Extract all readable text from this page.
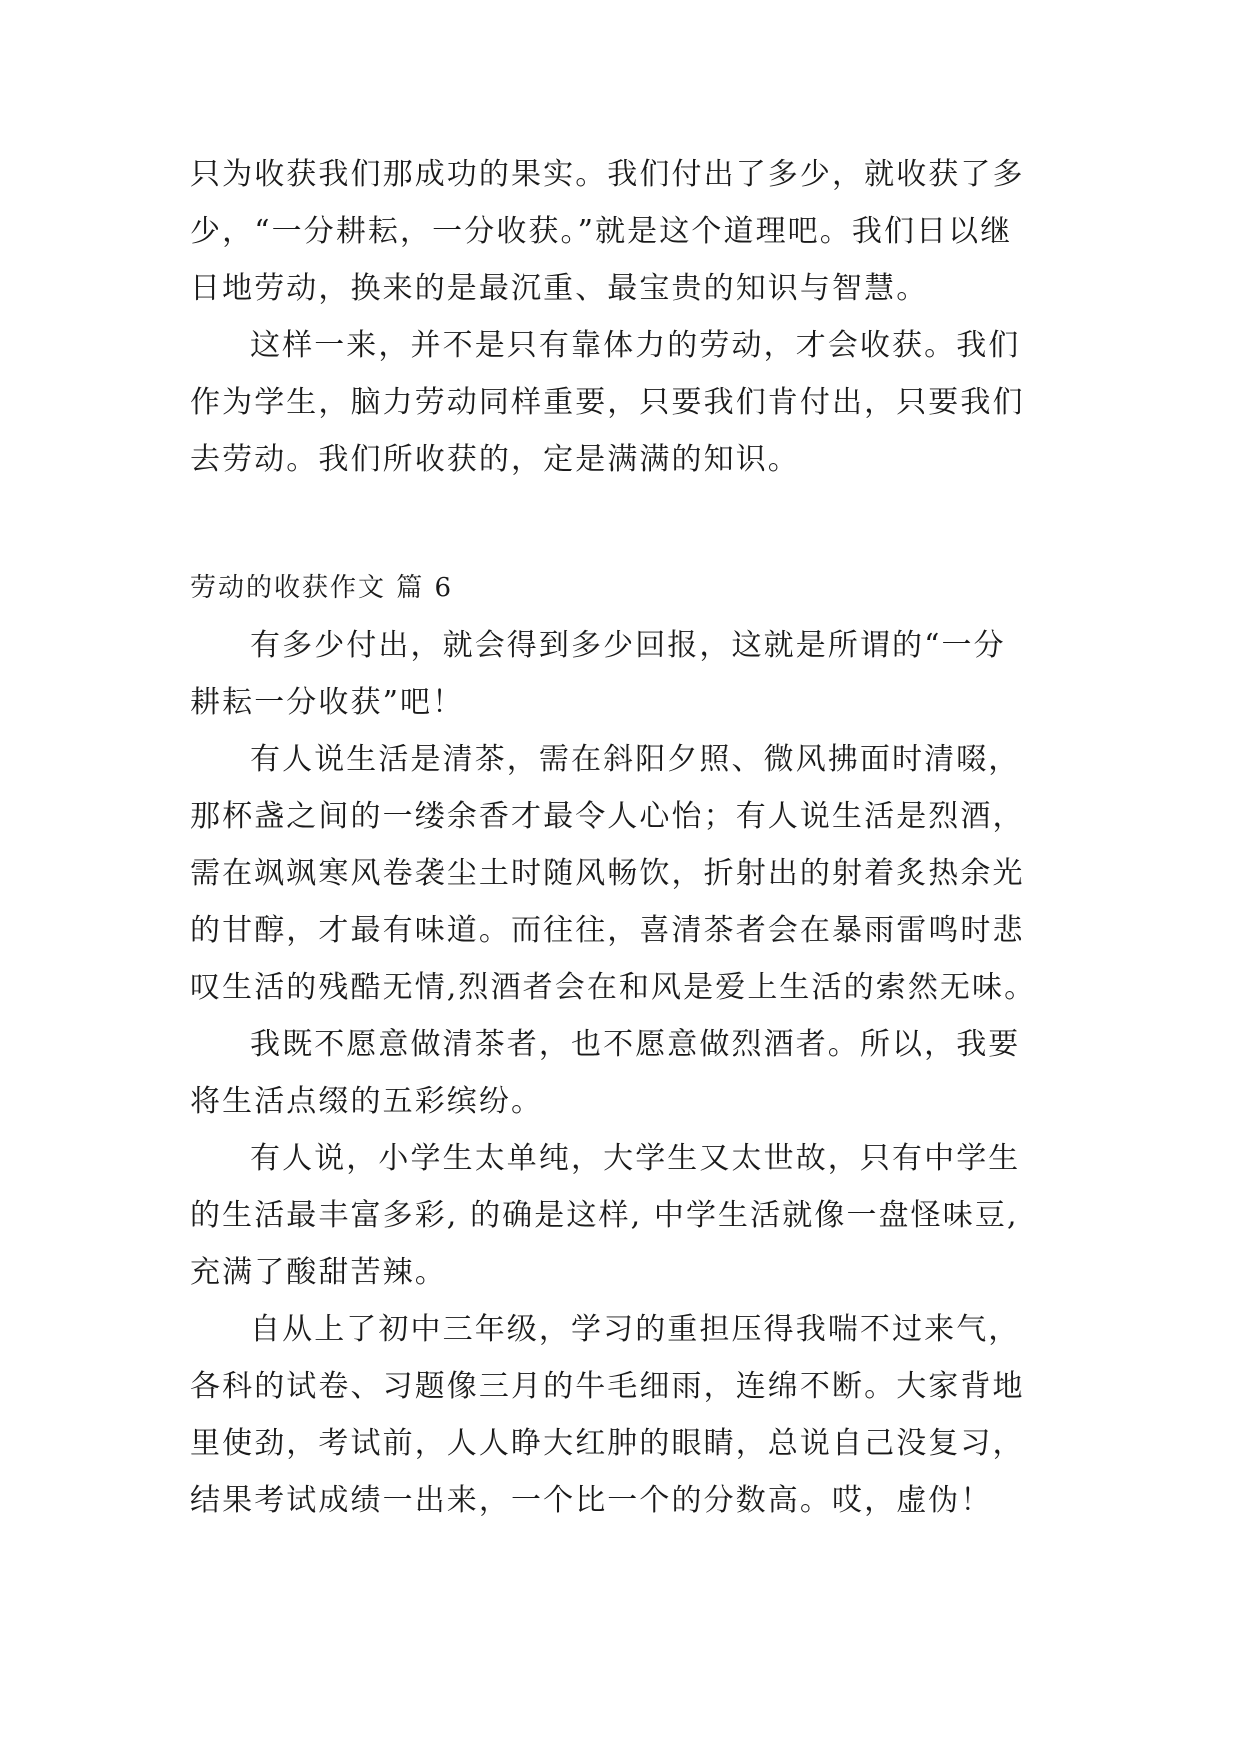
只为收获我们那成功的果实。我们付出了多少，就收获了多
少，“一分耕耘，一分收获。”就是这个道理吧。我们日以继
日地劳动，换来的是最沉重、最宝贵的知识与智慧。
这样一来，并不是只有靠体力的劳动，才会收获。我们
作为学生，脑力劳动同样重要，只要我们肯付出，只要我们
去劳动。我们所收获的，定是满满的知识。
劳动的收获作文 篇 6
有多少付出，就会得到多少回报，这就是所谓的“一分
耕耘一分收获”吧！
有人说生活是清茶，需在斜阳夕照、微风拂面时清啜，
那杯盏之间的一缕余香才最令人心怡；有人说生活是烈酒，
需在飒飒寒风卷袭尘土时随风畅饮，折射出的射着炙热余光
的甘醇，才最有味道。而往往，喜清茶者会在暴雨雷鸣时悲
叹生活的残酷无情,烈酒者会在和风是爱上生活的索然无味。
我既不愿意做清茶者，也不愿意做烈酒者。所以，我要
将生活点缀的五彩缤纷。
有人说，小学生太单纯，大学生又太世故，只有中学生
的生活最丰富多彩, 的确是这样, 中学生活就像一盘怪味豆,
充满了酸甜苦辣。
自从上了初中三年级，学习的重担压得我喘不过来气，
各科的试卷、习题像三月的牛毛细雨，连绵不断。大家背地
里使劲，考试前，人人睁大红肿的眼睛，总说自己没复习，
结果考试成绩一出来，一个比一个的分数高。哎，虚伪！
